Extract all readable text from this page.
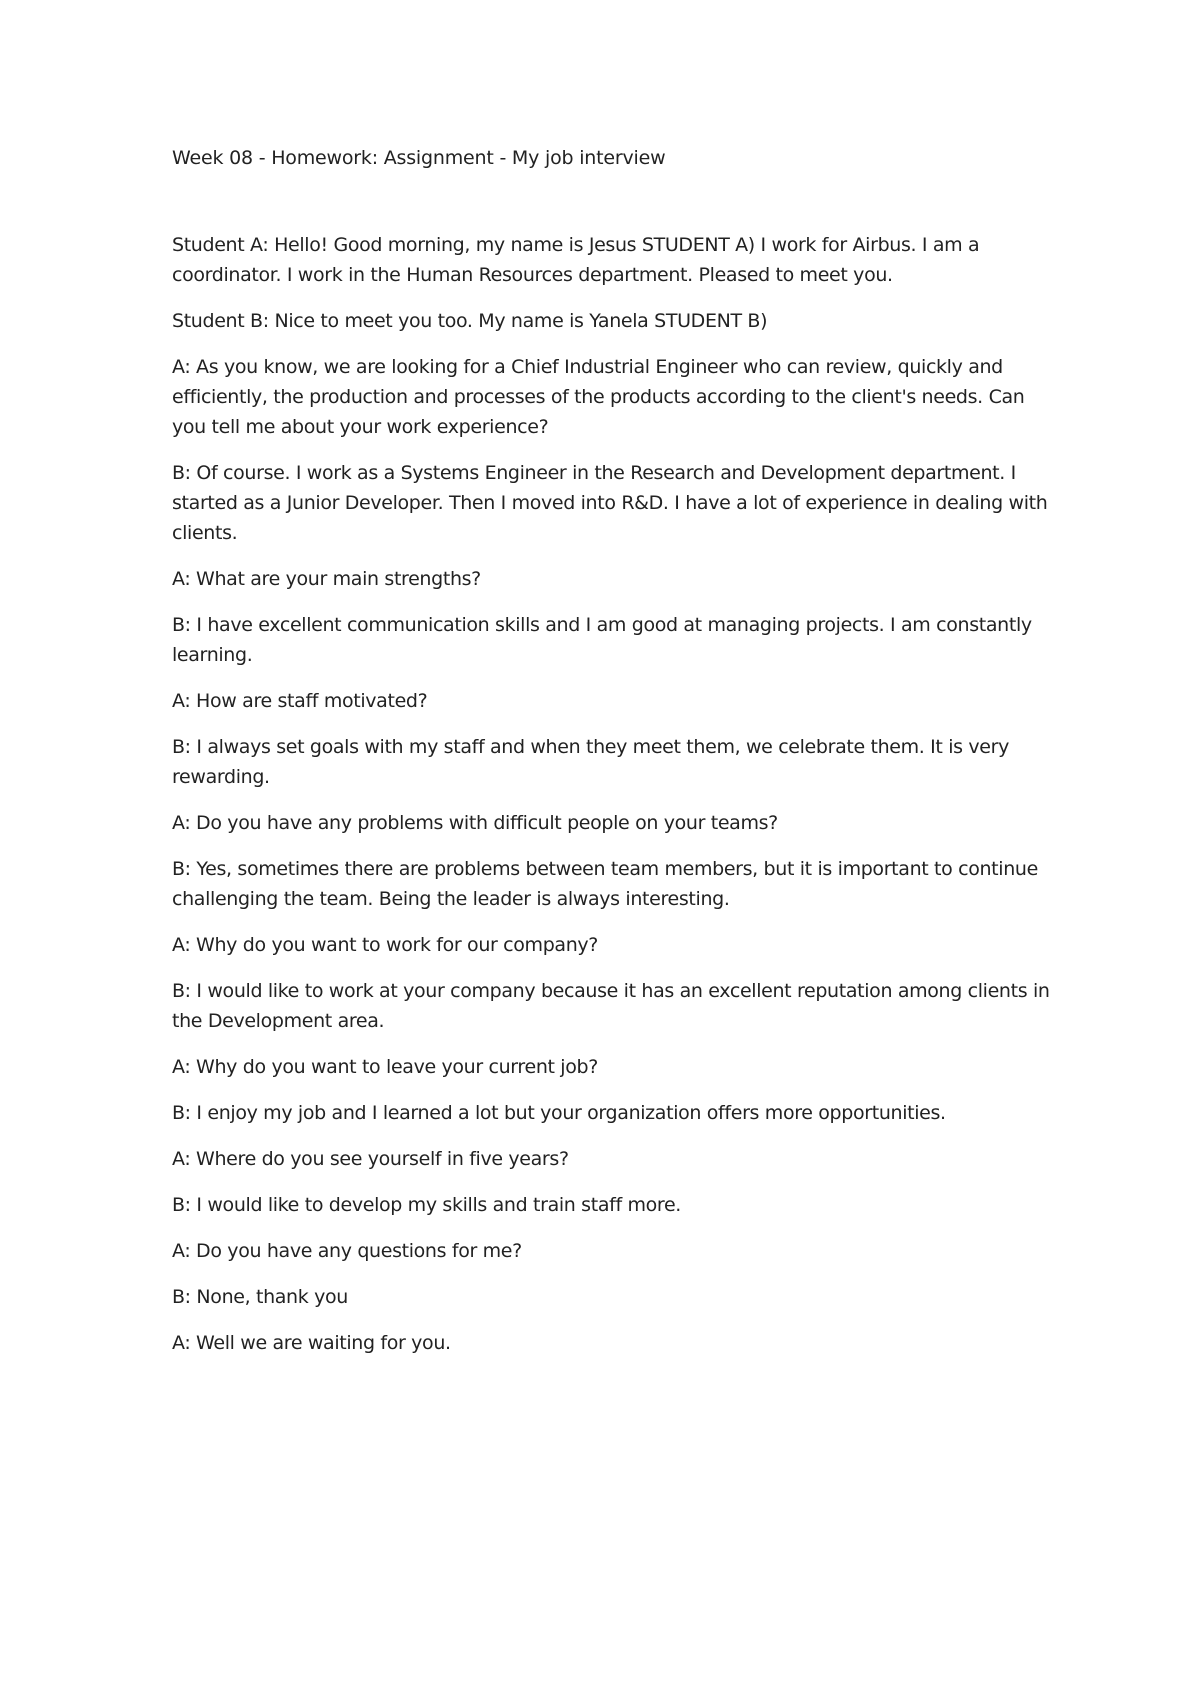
Week 08 - Homework: Assignment - My job interview

Student A: Hello! Good morning, my name is Jesus STUDENT A) I work for Airbus. I am a coordinator. I work in the Human Resources department. Pleased to meet you.

Student B: Nice to meet you too. My name is Yanela STUDENT B)

A: As you know, we are looking for a Chief Industrial Engineer who can review, quickly and efficiently, the production and processes of the products according to the client's needs. Can you tell me about your work experience?

B: Of course. I work as a Systems Engineer in the Research and Development department. I started as a Junior Developer. Then I moved into R&D. I have a lot of experience in dealing with clients.

A: What are your main strengths?

B: I have excellent communication skills and I am good at managing projects. I am constantly learning.

A: How are staff motivated?

B: I always set goals with my staff and when they meet them, we celebrate them. It is very rewarding.

A: Do you have any problems with difficult people on your teams?

B: Yes, sometimes there are problems between team members, but it is important to continue challenging the team. Being the leader is always interesting.

A: Why do you want to work for our company?

B: I would like to work at your company because it has an excellent reputation among clients in the Development area.

A: Why do you want to leave your current job?

B: I enjoy my job and I learned a lot but your organization offers more opportunities.

A: Where do you see yourself in five years?

B: I would like to develop my skills and train staff more.

A: Do you have any questions for me?

B: None, thank you

A: Well we are waiting for you.
